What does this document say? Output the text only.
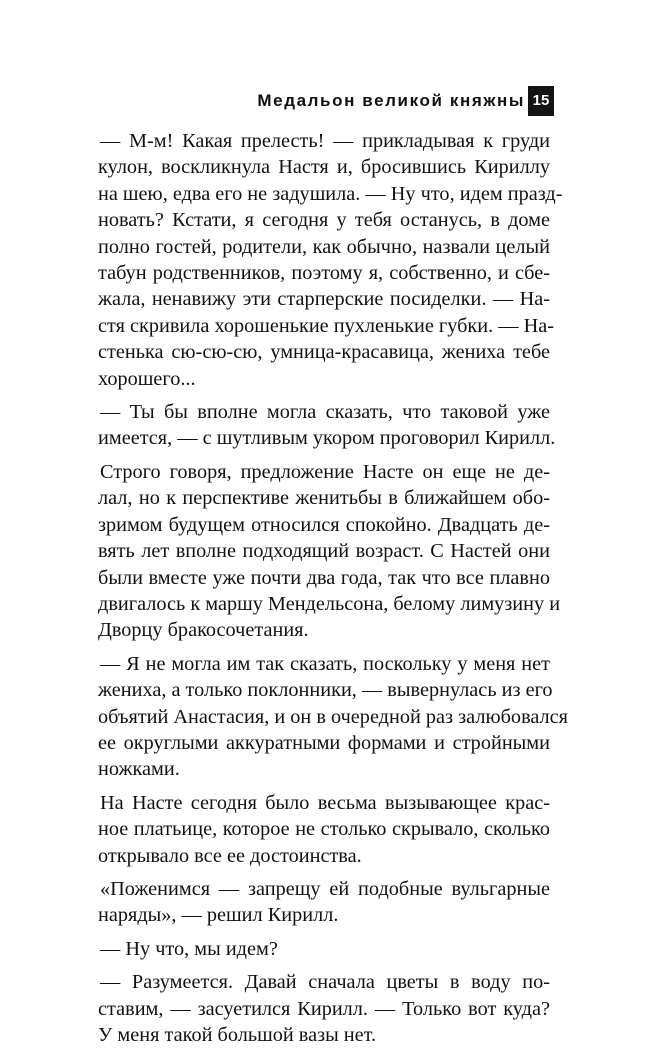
Медальон великой княжны 15
— М-м! Какая прелесть! — прикладывая к груди
кулон, воскликнула Настя и, бросившись Кириллу
на шею, едва его не задушила. — Ну что, идем празд-
новать? Кстати, я сегодня у тебя останусь, в доме
полно гостей, родители, как обычно, назвали целый
табун родственников, поэтому я, собственно, и сбе-
жала, ненавижу эти старперские посиделки. — На-
стя скривила хорошенькие пухленькие губки. — На-
стенька сю-сю-сю, умница-красавица, жениха тебе
хорошего...
— Ты бы вполне могла сказать, что таковой уже
имеется, — с шутливым укором проговорил Кирилл.
Строго говоря, предложение Насте он еще не де-
лал, но к перспективе женитьбы в ближайшем обо-
зримом будущем относился спокойно. Двадцать де-
вять лет вполне подходящий возраст. С Настей они
были вместе уже почти два года, так что все плавно
двигалось к маршу Мендельсона, белому лимузину и
Дворцу бракосочетания.
— Я не могла им так сказать, поскольку у меня нет
жениха, а только поклонники, — вывернулась из его
объятий Анастасия, и он в очередной раз залюбовался
ее округлыми аккуратными формами и стройными
ножками.
На Насте сегодня было весьма вызывающее крас-
ное платьице, которое не столько скрывало, сколько
открывало все ее достоинства.
«Поженимся — запрещу ей подобные вульгарные
наряды», — решил Кирилл.
— Ну что, мы идем?
— Разумеется. Давай сначала цветы в воду по-
ставим, — засуетился Кирилл. — Только вот куда?
У меня такой большой вазы нет.
